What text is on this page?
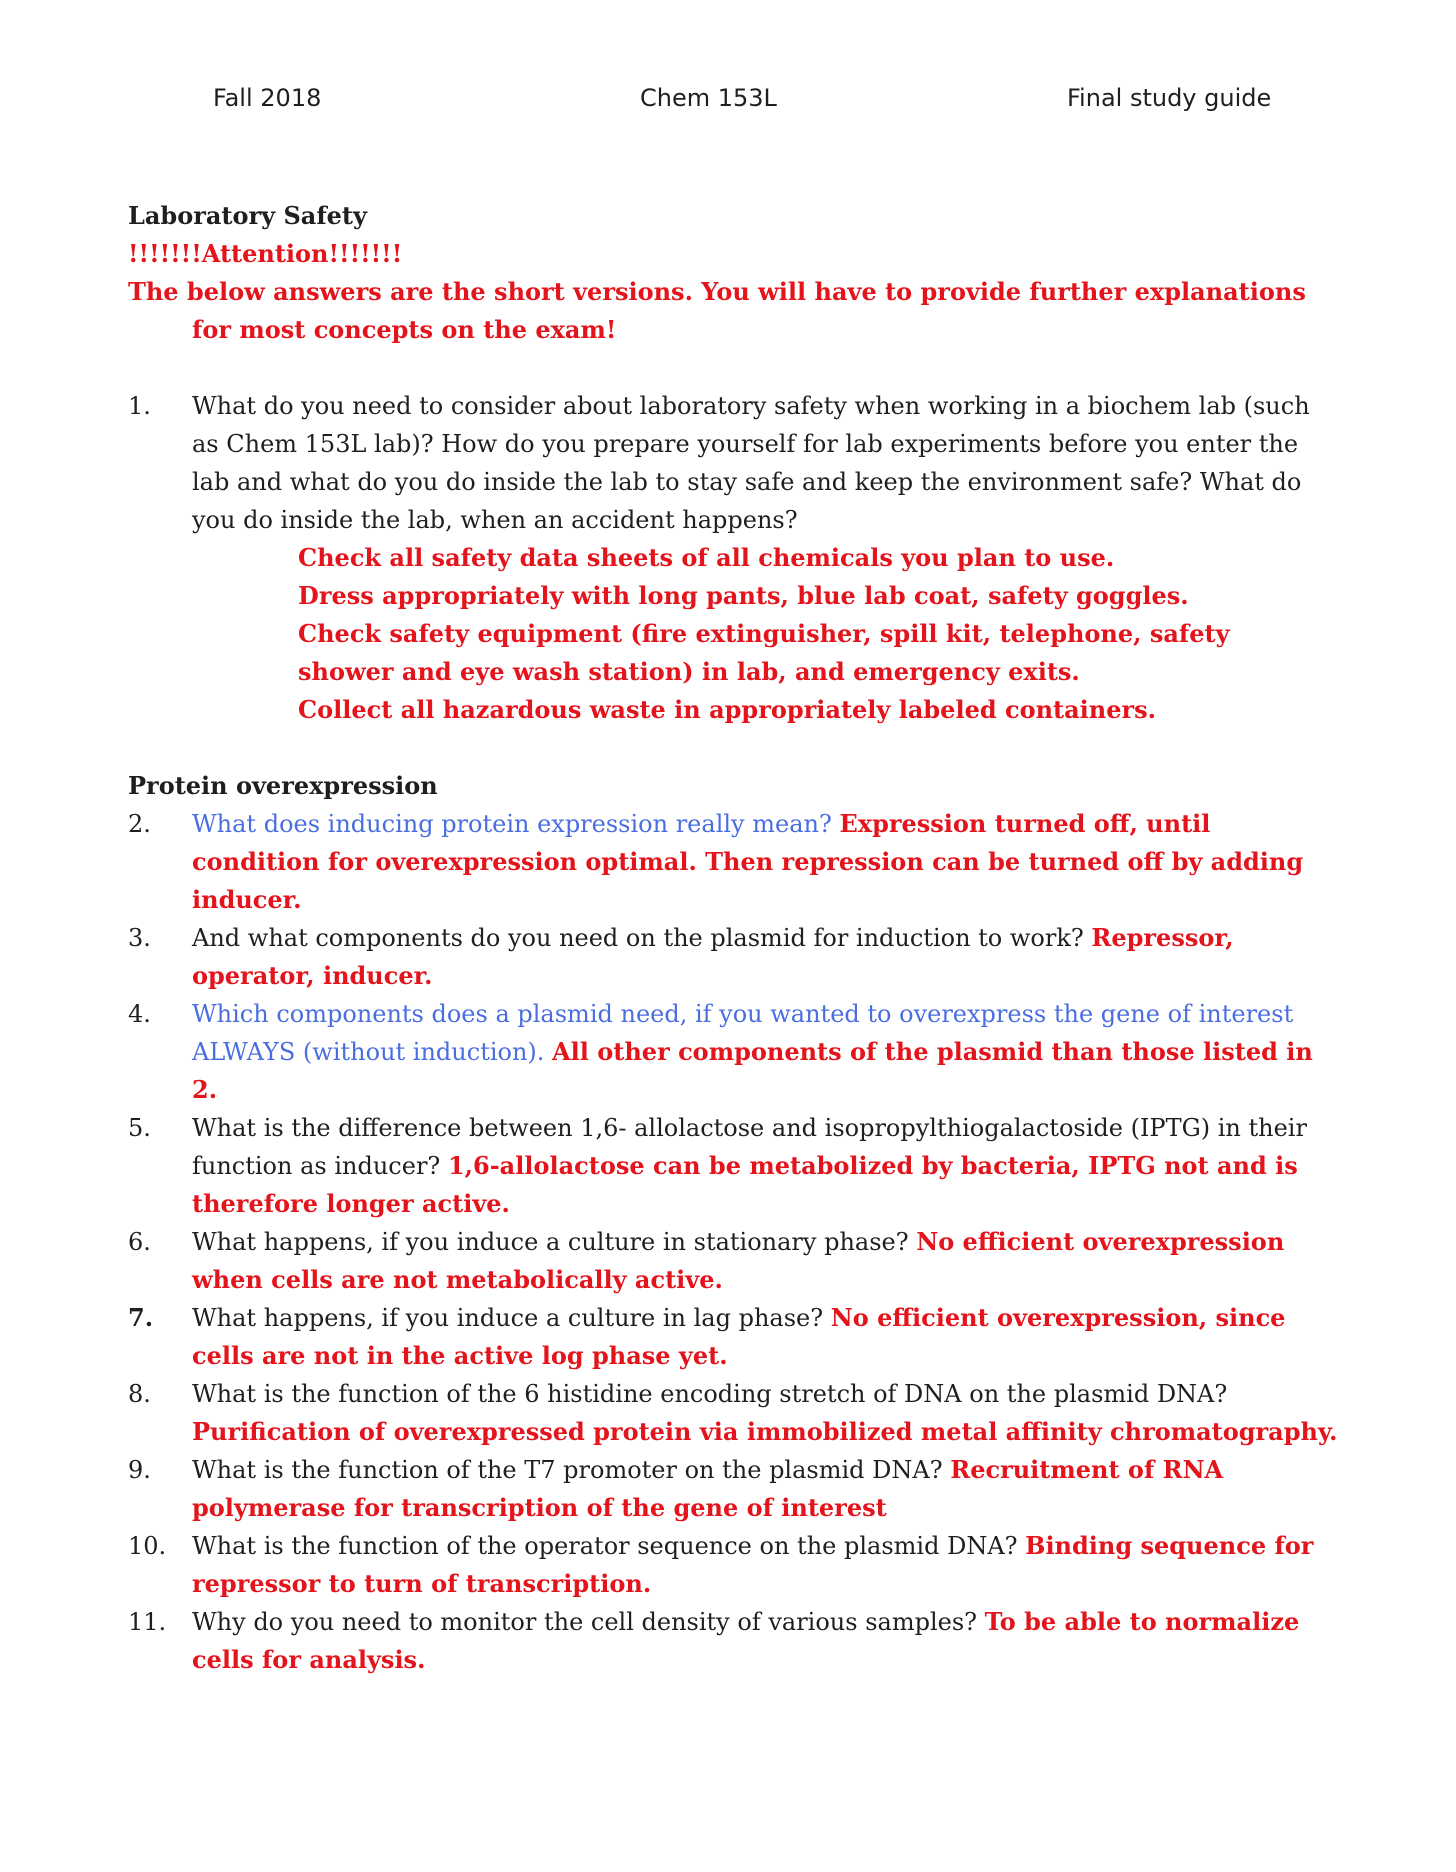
Fall 2018	Chem 153L	Final study guide
Laboratory Safety
!!!!!!!Attention!!!!!!!
The below answers are the short versions. You will have to provide further explanations for most concepts on the exam!
1.	What do you need to consider about laboratory safety when working in a biochem lab (such as Chem 153L lab)? How do you prepare yourself for lab experiments before you enter the lab and what do you do inside the lab to stay safe and keep the environment safe? What do you do inside the lab, when an accident happens?
Check all safety data sheets of all chemicals you plan to use.
Dress appropriately with long pants, blue lab coat, safety goggles.
Check safety equipment (fire extinguisher, spill kit, telephone, safety shower and eye wash station) in lab, and emergency exits.
Collect all hazardous waste in appropriately labeled containers.
Protein overexpression
2.	What does inducing protein expression really mean? Expression turned off, until condition for overexpression optimal. Then repression can be turned off by adding inducer.
3.	And what components do you need on the plasmid for induction to work? Repressor, operator, inducer.
4.	Which components does a plasmid need, if you wanted to overexpress the gene of interest ALWAYS (without induction). All other components of the plasmid than those listed in 2.
5.	What is the difference between 1,6- allolactose and isopropylthiogalactoside (IPTG) in their function as inducer? 1,6-allolactose can be metabolized by bacteria, IPTG not and is therefore longer active.
6.	What happens, if you induce a culture in stationary phase? No efficient overexpression when cells are not metabolically active.
7.	What happens, if you induce a culture in lag phase? No efficient overexpression, since cells are not in the active log phase yet.
8.	What is the function of the 6 histidine encoding stretch of DNA on the plasmid DNA? Purification of overexpressed protein via immobilized metal affinity chromatography.
9.	What is the function of the T7 promoter on the plasmid DNA? Recruitment of RNA polymerase for transcription of the gene of interest
10.	What is the function of the operator sequence on the plasmid DNA? Binding sequence for repressor to turn of transcription.
11.	Why do you need to monitor the cell density of various samples? To be able to normalize cells for analysis.
